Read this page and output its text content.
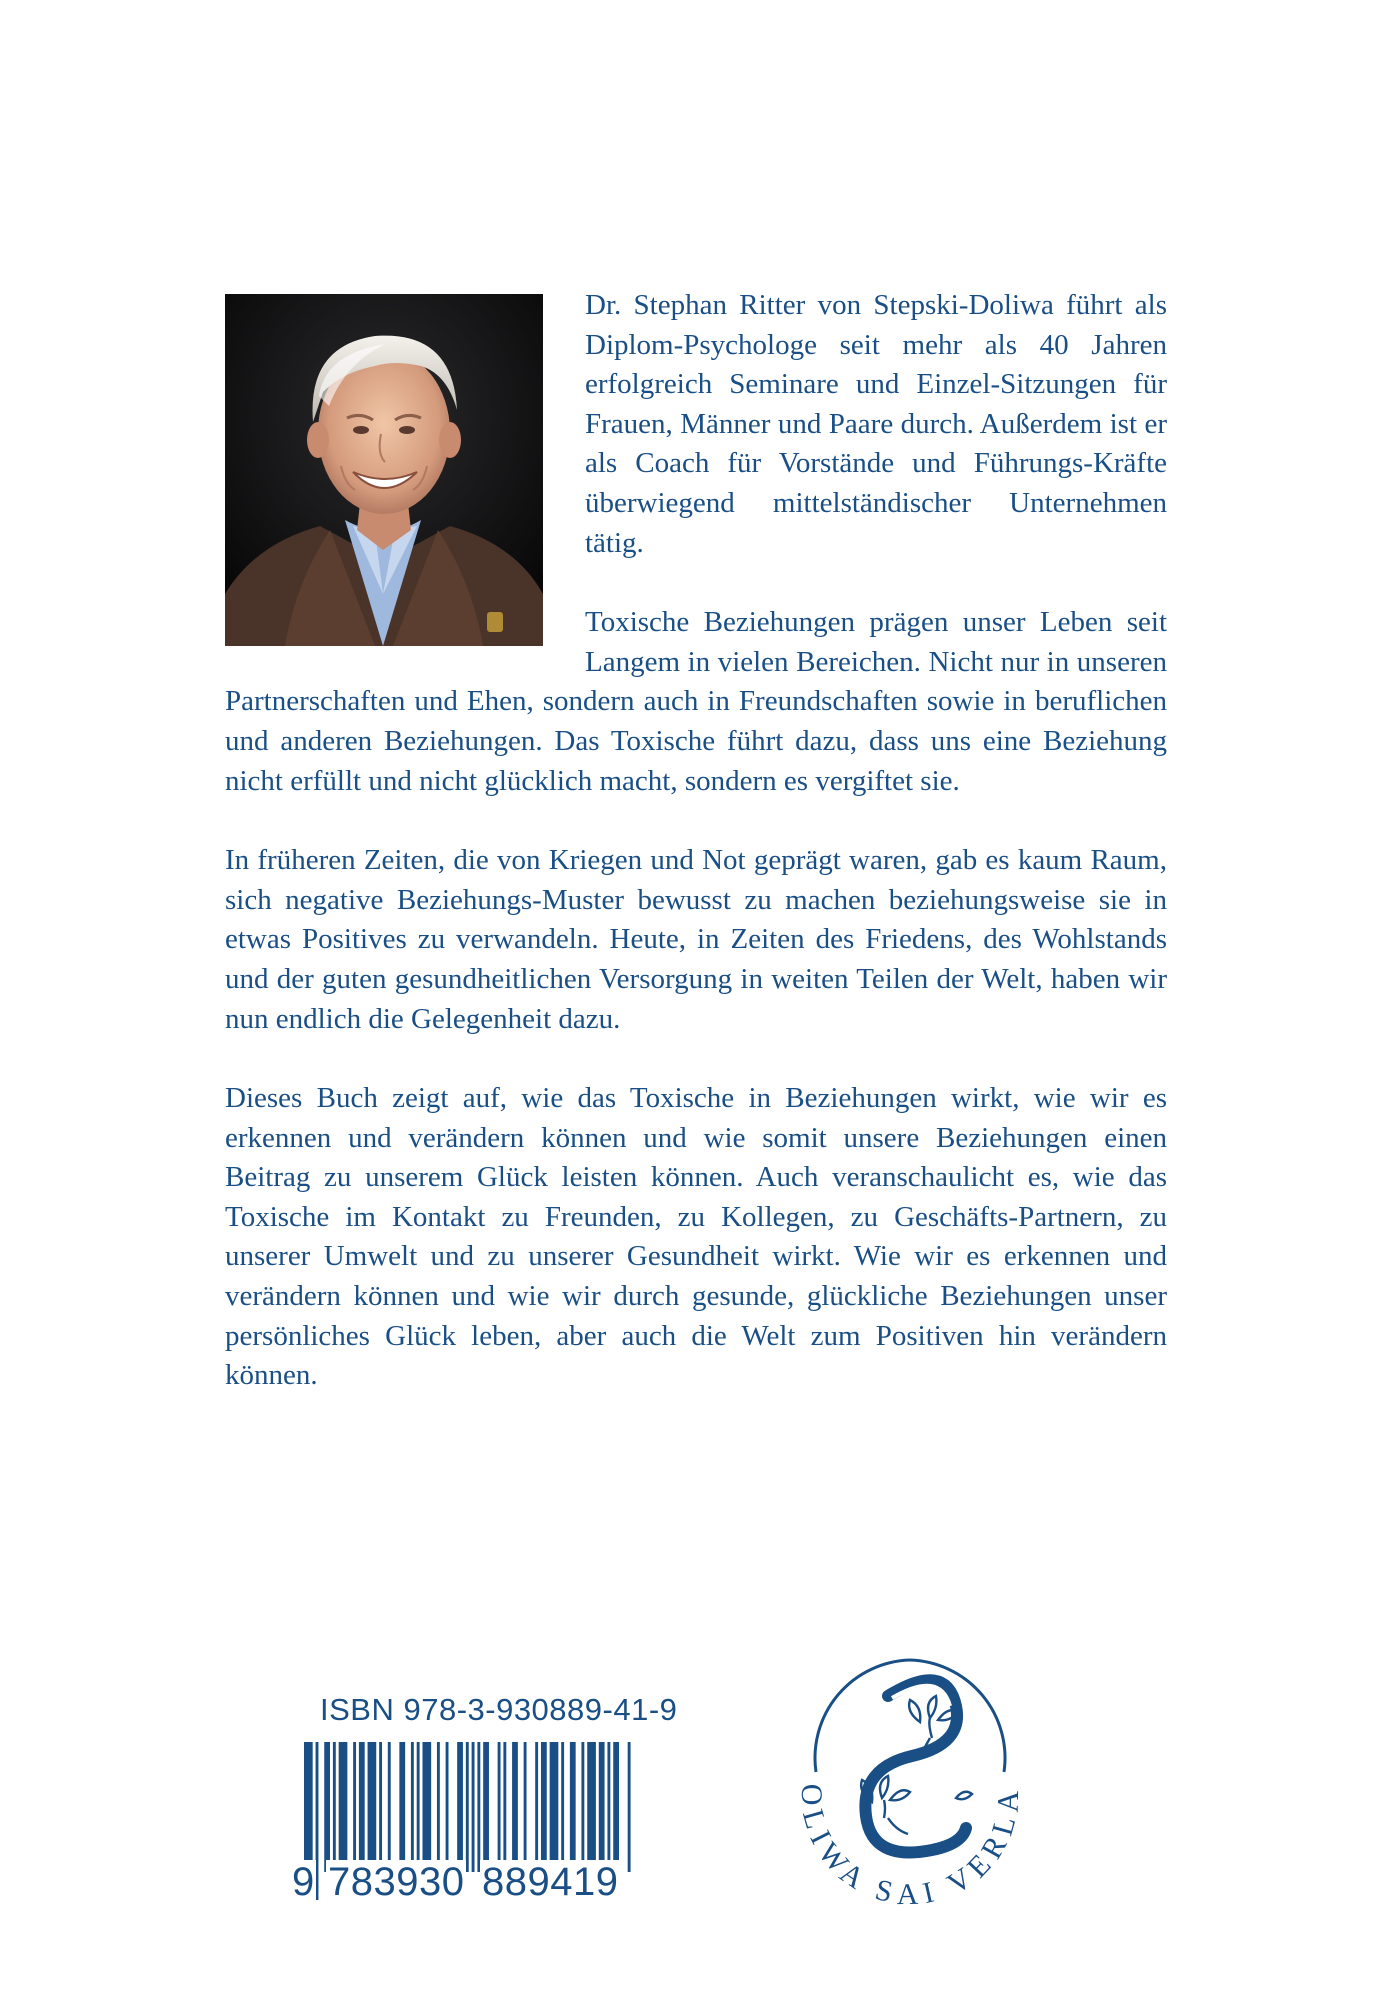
Dr. Stephan Ritter von Stepski-Doliwa führt als Diplom-Psychologe seit mehr als 40 Jahren erfolgreich Seminare und Einzel-Sitzungen für Frauen, Männer und Paare durch. Außerdem ist er als Coach für Vorstände und Führungs-Kräfte überwiegend mittelständischer Unternehmen tätig.

Toxische Beziehungen prägen unser Leben seit Langem in vielen Bereichen. Nicht nur in unseren Partnerschaften und Ehen, sondern auch in Freundschaften sowie in beruflichen und anderen Beziehungen. Das Toxische führt dazu, dass uns eine Beziehung nicht erfüllt und nicht glücklich macht, sondern es vergiftet sie.

In früheren Zeiten, die von Kriegen und Not geprägt waren, gab es kaum Raum, sich negative Beziehungs-Muster bewusst zu machen beziehungsweise sie in etwas Positives zu verwandeln. Heute, in Zeiten des Friedens, des Wohlstands und der guten gesundheitlichen Versorgung in weiten Teilen der Welt, haben wir nun endlich die Gelegenheit dazu.

Dieses Buch zeigt auf, wie das Toxische in Beziehungen wirkt, wie wir es erkennen und verändern können und wie somit unsere Beziehungen einen Beitrag zu unserem Glück leisten können. Auch veranschaulicht es, wie das Toxische im Kontakt zu Freunden, zu Kollegen, zu Geschäfts-Partnern, zu unserer Umwelt und zu unserer Gesundheit wirkt. Wie wir es erkennen und verändern können und wie wir durch gesunde, glückliche Beziehungen unser persönliches Glück leben, aber auch die Welt zum Positiven hin verändern können.

ISBN 978-3-930889-41-9
9 783930 889419
OLIWA SAI VERLA
